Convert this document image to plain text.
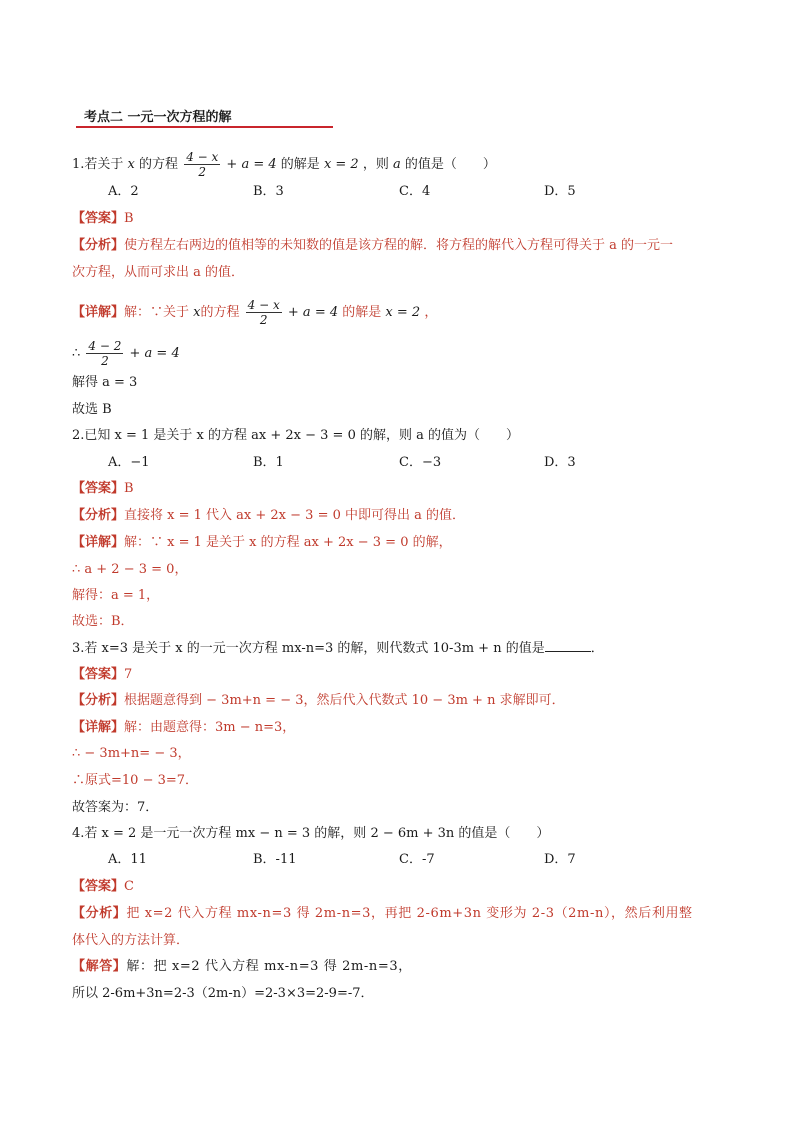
考点二 一元一次方程的解
1.若关于 x 的方程 $\frac{4 - x}{2} + a = 4$ 的解是 x = 2 ，则 a 的值是（　　）
A．2	B．3	C．4	D．5
【答案】B
【分析】使方程左右两边的值相等的未知数的值是该方程的解．将方程的解代入方程可得关于 a 的一元一
次方程，从而可求出 a 的值．
【详解】解：∵关于 x的方程 $\frac{4 - x}{2} + a = 4$ 的解是 x = 2 ，
∴ $\frac{4 - 2}{2} + a = 4$
解得 a = 3
故选 B
2.已知 x = 1 是关于 x 的方程 ax + 2x − 3 = 0 的解，则 a 的值为（　　）
A．−1	B．1	C．−3	D．3
【答案】B
【分析】直接将 x = 1 代入 ax + 2x − 3 = 0 中即可得出 a 的值．
【详解】解：∵ x = 1 是关于 x 的方程 ax + 2x − 3 = 0 的解，
∴ a + 2 − 3 = 0，
解得：a = 1，
故选：B．
3.若 x=3 是关于 x 的一元一次方程 mx-n=3 的解，则代数式 10-3m + n 的值是	．
【答案】7
【分析】根据题意得到 − 3m+n = − 3，然后代入代数式 10 − 3m + n 求解即可．
【详解】解：由题意得：3m − n=3，
∴ − 3m+n= − 3，
∴原式=10 − 3=7．
故答案为：7．
4.若 x = 2 是一元一次方程 mx − n = 3 的解，则 2 − 6m + 3n 的值是（　　）
A．11	B．-11	C．-7	D．7
【答案】C
【分析】把 x=2 代入方程 mx-n=3 得 2m-n=3，再把 2-6m+3n 变形为 2-3（2m-n），然后利用整
体代入的方法计算．
【解答】解：把 x=2 代入方程 mx-n=3 得 2m-n=3，
所以 2-6m+3n=2-3（2m-n）=2-3×3=2-9=-7．
